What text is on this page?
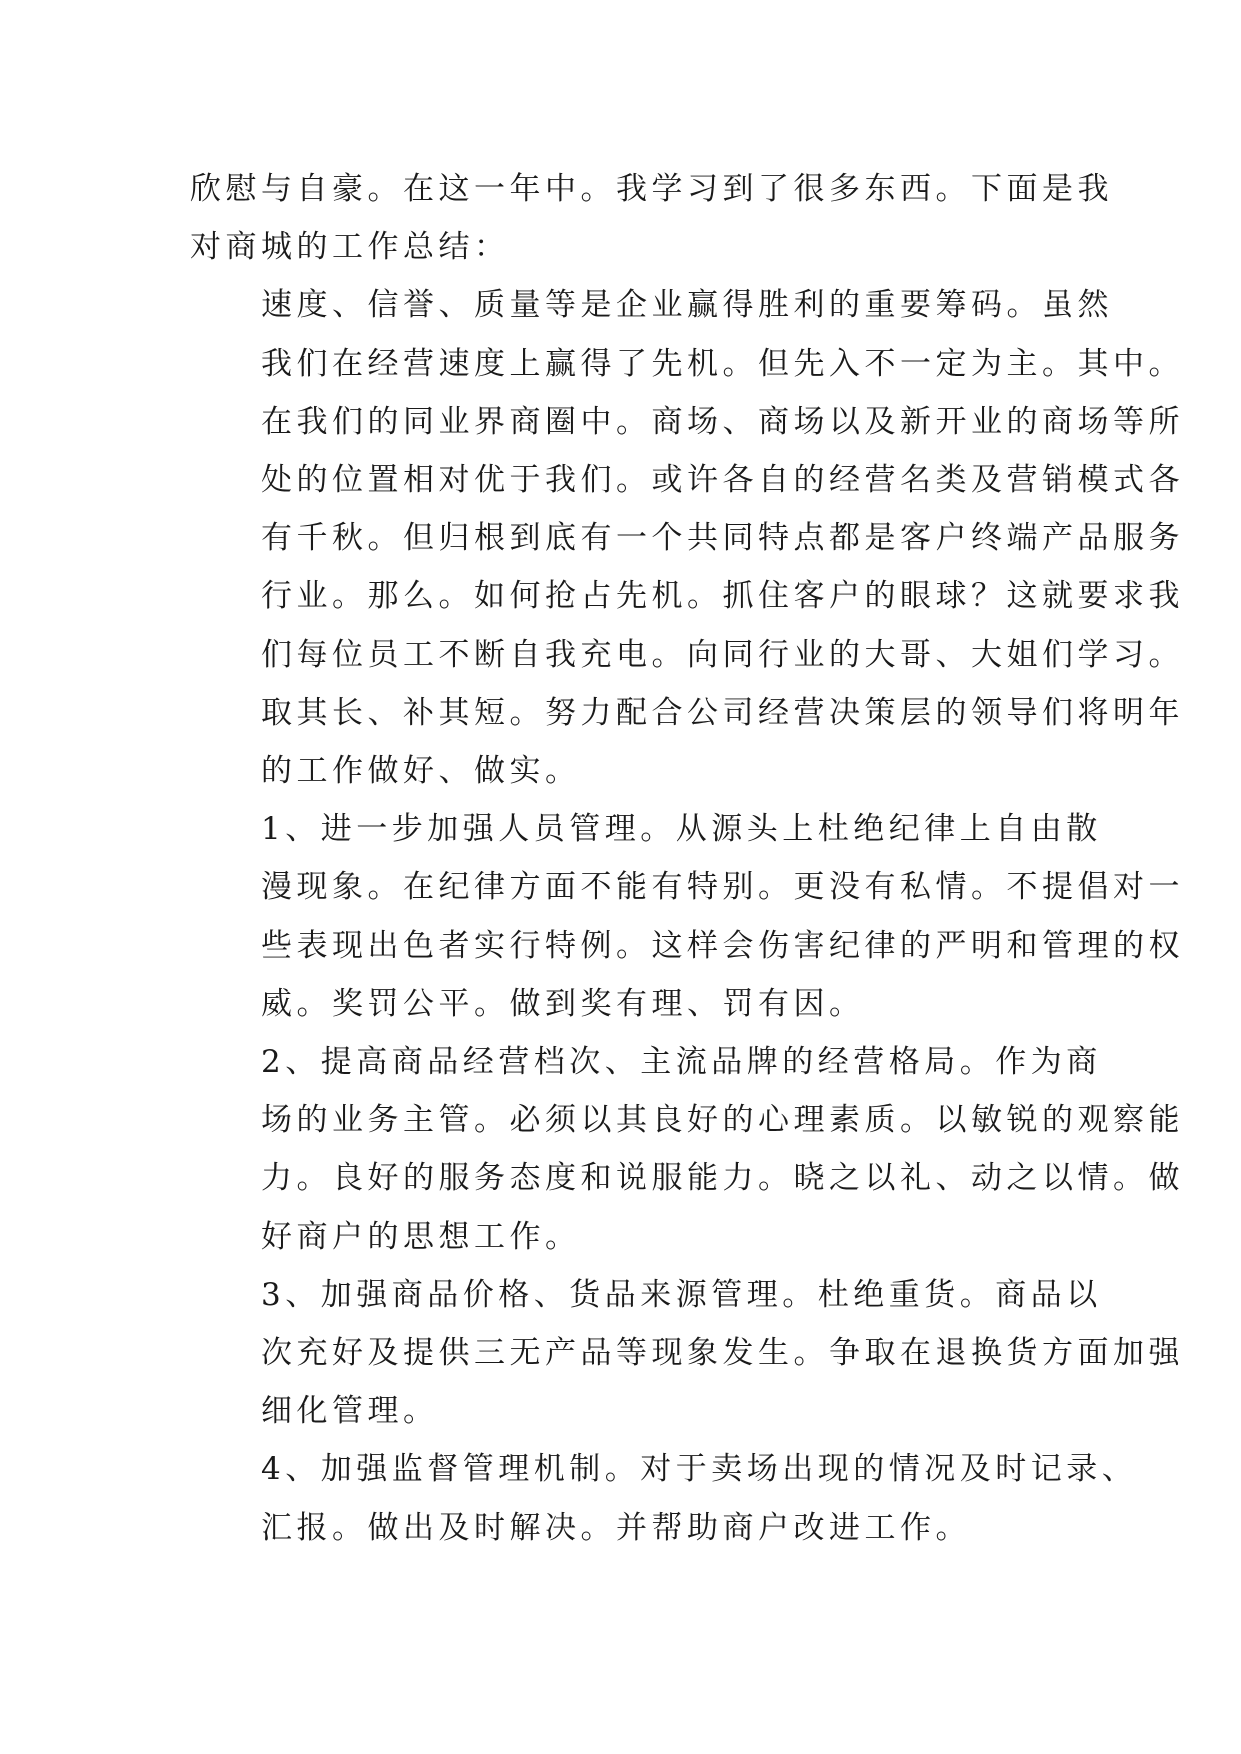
欣慰与自豪。在这一年中。我学习到了很多东西。下面是我
对商城的工作总结：

速度、信誉、质量等是企业赢得胜利的重要筹码。虽然
我们在经营速度上赢得了先机。但先入不一定为主。其中。
在我们的同业界商圈中。商场、商场以及新开业的商场等所
处的位置相对优于我们。或许各自的经营名类及营销模式各
有千秋。但归根到底有一个共同特点都是客户终端产品服务
行业。那么。如何抢占先机。抓住客户的眼球？这就要求我
们每位员工不断自我充电。向同行业的大哥、大姐们学习。
取其长、补其短。努力配合公司经营决策层的领导们将明年
的工作做好、做实。

1、进一步加强人员管理。从源头上杜绝纪律上自由散
漫现象。在纪律方面不能有特别。更没有私情。不提倡对一
些表现出色者实行特例。这样会伤害纪律的严明和管理的权
威。奖罚公平。做到奖有理、罚有因。

2、提高商品经营档次、主流品牌的经营格局。作为商
场的业务主管。必须以其良好的心理素质。以敏锐的观察能
力。良好的服务态度和说服能力。晓之以礼、动之以情。做
好商户的思想工作。

3、加强商品价格、货品来源管理。杜绝重货。商品以
次充好及提供三无产品等现象发生。争取在退换货方面加强
细化管理。

4、加强监督管理机制。对于卖场出现的情况及时记录、
汇报。做出及时解决。并帮助商户改进工作。
